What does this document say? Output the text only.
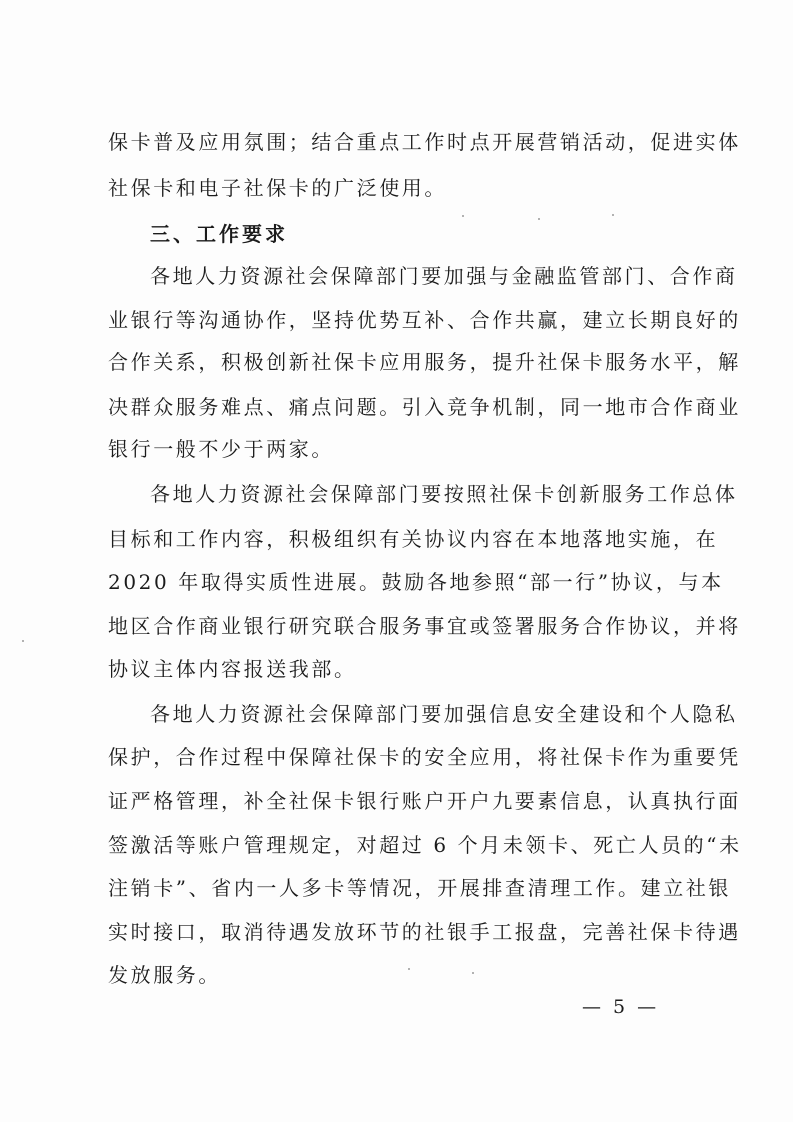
保卡普及应用氛围；结合重点工作时点开展营销活动，促进实体
社保卡和电子社保卡的广泛使用。
三、工作要求
各地人力资源社会保障部门要加强与金融监管部门、合作商
业银行等沟通协作，坚持优势互补、合作共赢，建立长期良好的
合作关系，积极创新社保卡应用服务，提升社保卡服务水平，解
决群众服务难点、痛点问题。引入竞争机制，同一地市合作商业
银行一般不少于两家。
各地人力资源社会保障部门要按照社保卡创新服务工作总体
目标和工作内容，积极组织有关协议内容在本地落地实施，在
2020 年取得实质性进展。鼓励各地参照“部一行”协议，与本
地区合作商业银行研究联合服务事宜或签署服务合作协议，并将
协议主体内容报送我部。
各地人力资源社会保障部门要加强信息安全建设和个人隐私
保护，合作过程中保障社保卡的安全应用，将社保卡作为重要凭
证严格管理，补全社保卡银行账户开户九要素信息，认真执行面
签激活等账户管理规定，对超过 6 个月未领卡、死亡人员的“未
注销卡”、省内一人多卡等情况，开展排查清理工作。建立社银
实时接口，取消待遇发放环节的社银手工报盘，完善社保卡待遇
发放服务。
— 5 —
